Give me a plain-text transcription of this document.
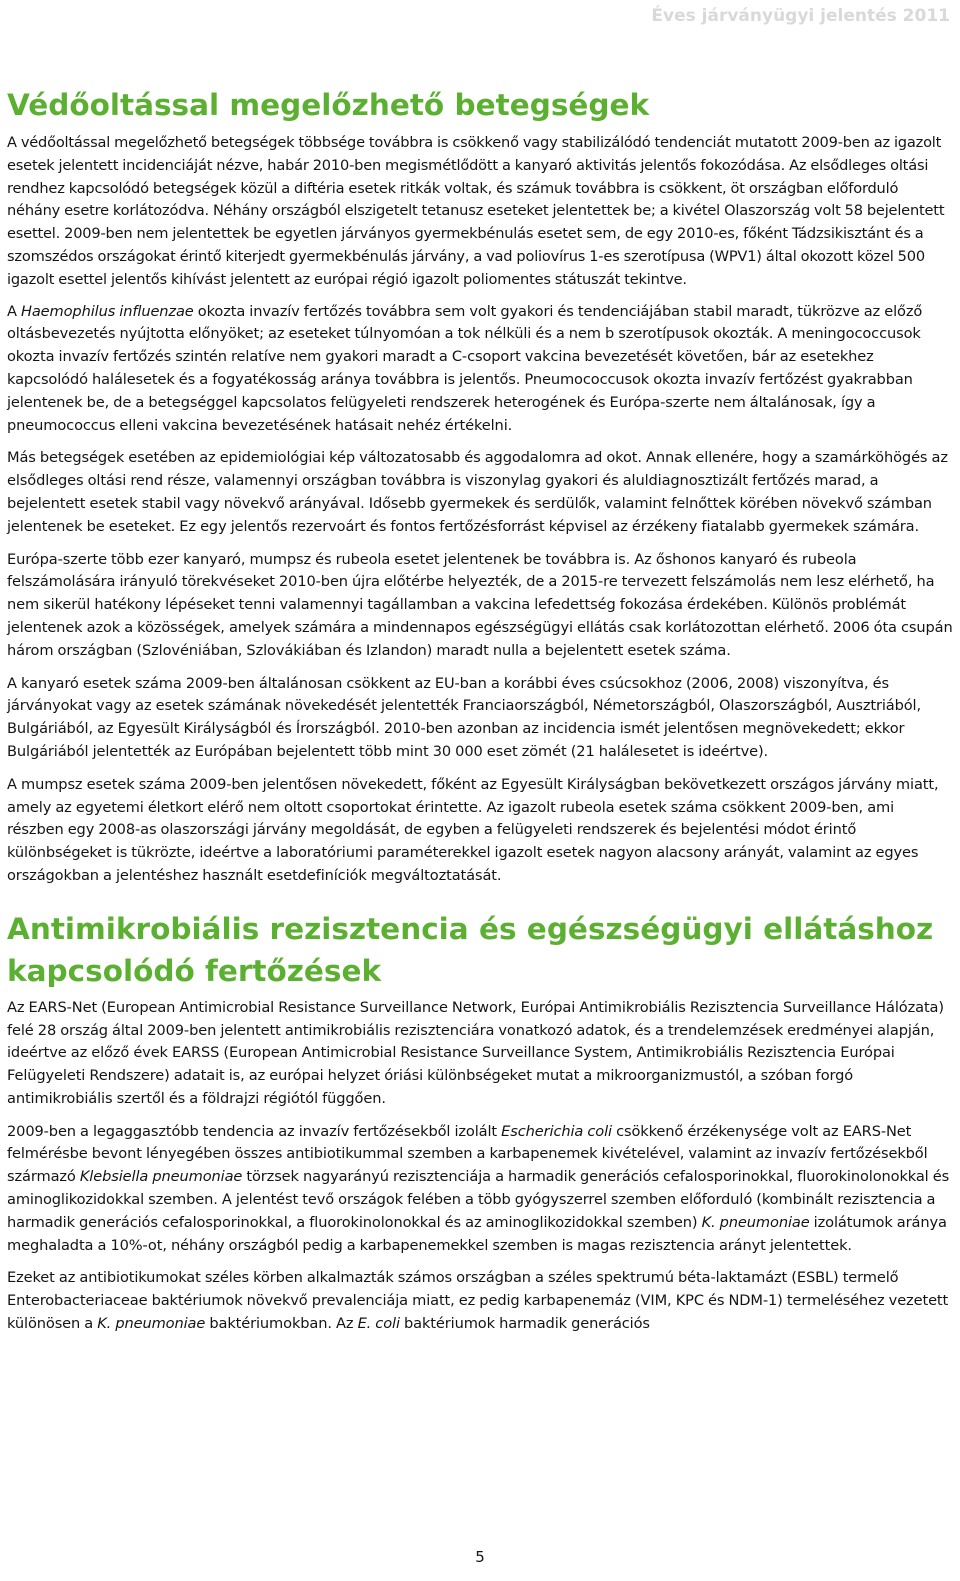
Éves járványügyi jelentés 2011
Védőoltással megelőzhető betegségek

A védőoltással megelőzhető betegségek többsége továbbra is csökkenő vagy stabilizálódó tendenciát mutatott 2009-ben az igazolt esetek jelentett incidenciáját nézve, habár 2010-ben megismétlődött a kanyaró aktivitás jelentős fokozódása. Az elsődleges oltási rendhez kapcsolódó betegségek közül a diftéria esetek ritkák voltak, és számuk továbbra is csökkent, öt országban előforduló néhány esetre korlátozódva. Néhány országból elszigetelt tetanusz eseteket jelentettek be; a kivétel Olaszország volt 58 bejelentett esettel. 2009-ben nem jelentettek be egyetlen járványos gyermekbénulás esetet sem, de egy 2010-es, főként Tádzsikisztánt és a szomszédos országokat érintő kiterjedt gyermekbénulás járvány, a vad poliovírus 1-es szerotípusa (WPV1) által okozott közel 500 igazolt esettel jelentős kihívást jelentett az európai régió igazolt poliomentes státuszát tekintve.

A Haemophilus influenzae okozta invazív fertőzés továbbra sem volt gyakori és tendenciájában stabil maradt, tükrözve az előző oltásbevezetés nyújtotta előnyöket; az eseteket túlnyomóan a tok nélküli és a nem b szerotípusok okozták. A meningococcusok okozta invazív fertőzés szintén relatíve nem gyakori maradt a C-csoport vakcina bevezetését követően, bár az esetekhez kapcsolódó halálesetek és a fogyatékosság aránya továbbra is jelentős. Pneumococcusok okozta invazív fertőzést gyakrabban jelentenek be, de a betegséggel kapcsolatos felügyeleti rendszerek heterogének és Európa-szerte nem általánosak, így a pneumococcus elleni vakcina bevezetésének hatásait nehéz értékelni.

Más betegségek esetében az epidemiológiai kép változatosabb és aggodalomra ad okot. Annak ellenére, hogy a szamárköhögés az elsődleges oltási rend része, valamennyi országban továbbra is viszonylag gyakori és aluldiagnosztizált fertőzés marad, a bejelentett esetek stabil vagy növekvő arányával. Idősebb gyermekek és serdülők, valamint felnőttek körében növekvő számban jelentenek be eseteket. Ez egy jelentős rezervoárt és fontos fertőzésforrást képvisel az érzékeny fiatalabb gyermekek számára.

Európa-szerte több ezer kanyaró, mumpsz és rubeola esetet jelentenek be továbbra is. Az őshonos kanyaró és rubeola felszámolására irányuló törekvéseket 2010-ben újra előtérbe helyezték, de a 2015-re tervezett felszámolás nem lesz elérhető, ha nem sikerül hatékony lépéseket tenni valamennyi tagállamban a vakcina lefedettség fokozása érdekében. Különös problémát jelentenek azok a közösségek, amelyek számára a mindennapos egészségügyi ellátás csak korlátozottan elérhető. 2006 óta csupán három országban (Szlovéniában, Szlovákiában és Izlandon) maradt nulla a bejelentett esetek száma.

A kanyaró esetek száma 2009-ben általánosan csökkent az EU-ban a korábbi éves csúcsokhoz (2006, 2008) viszonyítva, és járványokat vagy az esetek számának növekedését jelentették Franciaországból, Németországból, Olaszországból, Ausztriából, Bulgáriából, az Egyesült Királyságból és Írországból. 2010-ben azonban az incidencia ismét jelentősen megnövekedett; ekkor Bulgáriából jelentették az Európában bejelentett több mint 30 000 eset zömét (21 halálesetet is ideértve).

A mumpsz esetek száma 2009-ben jelentősen növekedett, főként az Egyesült Királyságban bekövetkezett országos járvány miatt, amely az egyetemi életkort elérő nem oltott csoportokat érintette. Az igazolt rubeola esetek száma csökkent 2009-ben, ami részben egy 2008-as olaszországi járvány megoldását, de egyben a felügyeleti rendszerek és bejelentési módot érintő különbségeket is tükrözte, ideértve a laboratóriumi paraméterekkel igazolt esetek nagyon alacsony arányát, valamint az egyes országokban a jelentéshez használt esetdefiníciók megváltoztatását.

Antimikrobiális rezisztencia és egészségügyi ellátáshoz kapcsolódó fertőzések

Az EARS-Net (European Antimicrobial Resistance Surveillance Network, Európai Antimikrobiális Rezisztencia Surveillance Hálózata) felé 28 ország által 2009-ben jelentett antimikrobiális rezisztenciára vonatkozó adatok, és a trendelemzések eredményei alapján, ideértve az előző évek EARSS (European Antimicrobial Resistance Surveillance System, Antimikrobiális Rezisztencia Európai Felügyeleti Rendszere) adatait is, az európai helyzet óriási különbségeket mutat a mikroorganizmustól, a szóban forgó antimikrobiális szertől és a földrajzi régiótól függően.

2009-ben a legaggasztóbb tendencia az invazív fertőzésekből izolált Escherichia coli csökkenő érzékenysége volt az EARS-Net felmérésbe bevont lényegében összes antibiotikummal szemben a karbapenemek kivételével, valamint az invazív fertőzésekből származó Klebsiella pneumoniae törzsek nagyarányú rezisztenciája a harmadik generációs cefalosporinokkal, fluorokinolonokkal és aminoglikozidokkal szemben. A jelentést tevő országok felében a több gyógyszerrel szemben előforduló (kombinált rezisztencia a harmadik generációs cefalosporinokkal, a fluorokinolonokkal és az aminoglikozidokkal szemben) K. pneumoniae izolátumok aránya meghaladta a 10%-ot, néhány országból pedig a karbapenemekkel szemben is magas rezisztencia arányt jelentettek.

Ezeket az antibiotikumokat széles körben alkalmazták számos országban a széles spektrumú béta-laktamázt (ESBL) termelő Enterobacteriaceae baktériumok növekvő prevalenciája miatt, ez pedig karbapenemáz (VIM, KPC és NDM-1) termeléséhez vezetett különösen a K. pneumoniae baktériumokban. Az E. coli baktériumok harmadik generációs

5
